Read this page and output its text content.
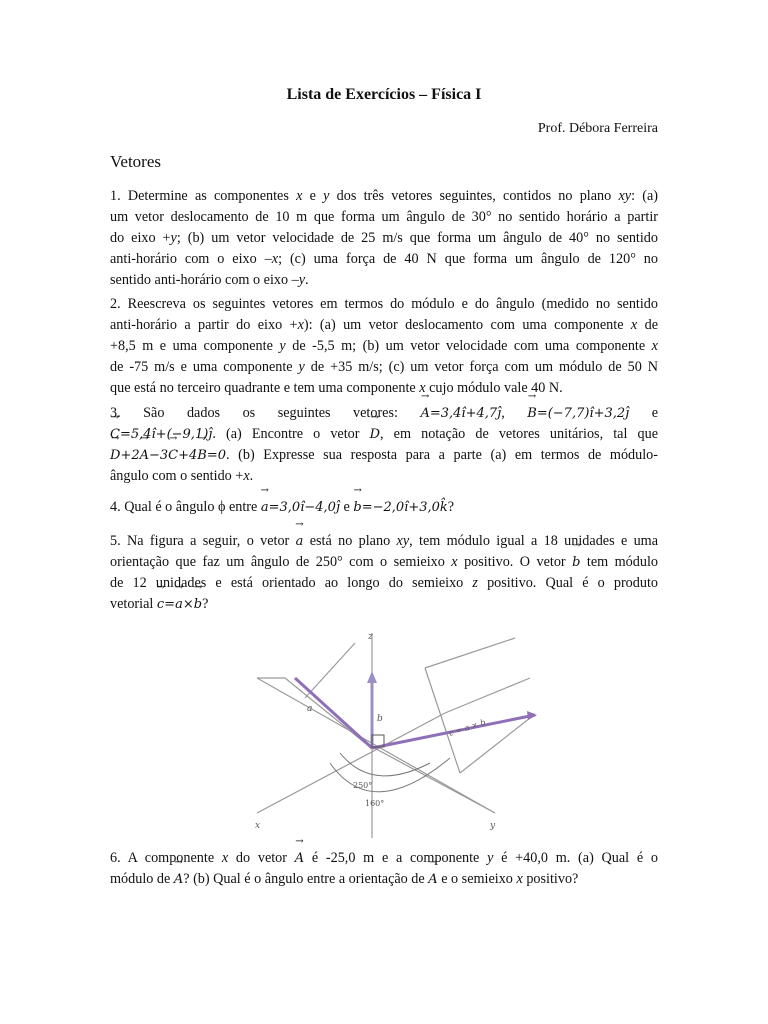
Lista de Exercícios – Física I
Prof. Débora Ferreira
Vetores
1. Determine as componentes x e y dos três vetores seguintes, contidos no plano xy: (a)
um vetor deslocamento de 10 m que forma um ângulo de 30° no sentido horário a partir
do eixo +y; (b) um vetor velocidade de 25 m/s que forma um ângulo de 40° no sentido
anti-horário com o eixo –x; (c) uma força de 40 N que forma um ângulo de 120° no
sentido anti-horário com o eixo –y.
2. Reescreva os seguintes vetores em termos do módulo e do ângulo (medido no sentido
anti-horário a partir do eixo +x): (a) um vetor deslocamento com uma componente x de
+8,5 m e uma componente y de -5,5 m; (b) um vetor velocidade com uma componente x
de -75 m/s e uma componente y de +35 m/s; (c) um vetor força com um módulo de 50 N
que está no terceiro quadrante e tem uma componente x cujo módulo vale 40 N.
3. São dados os seguintes vetores: → A=3,4î+4,7ĵ, → B=(−7,7)î+3,2ĵ e
→ C=5,4î+(−9,1)ĵ. (a) Encontre o vetor → D, em notação de vetores unitários, tal que
→ D+2→ A−3→ C+4→ B=0. (b) Expresse sua resposta para a parte (a) em termos de módulo-
ângulo com o sentido +x.
4. Qual é o ângulo ϕ entre → a=3,0î−4,0ĵ e → b=−2,0î+3,0k̂?
5. Na figura a seguir, o vetor → a está no plano xy, tem módulo igual a 18 unidades e uma
orientação que faz um ângulo de 250° com o semieixo x positivo. O vetor → b tem módulo
de 12 unidades e está orientado ao longo do semieixo z positivo. Qual é o produto
vetorial → c=→ a×→ b?
z
x	y
a
b	c = a × b
250°
160°
6. A componente x do vetor → A é -25,0 m e a componente y é +40,0 m. (a) Qual é o
módulo de → A? (b) Qual é o ângulo entre a orientação de → A e o semieixo x positivo?
